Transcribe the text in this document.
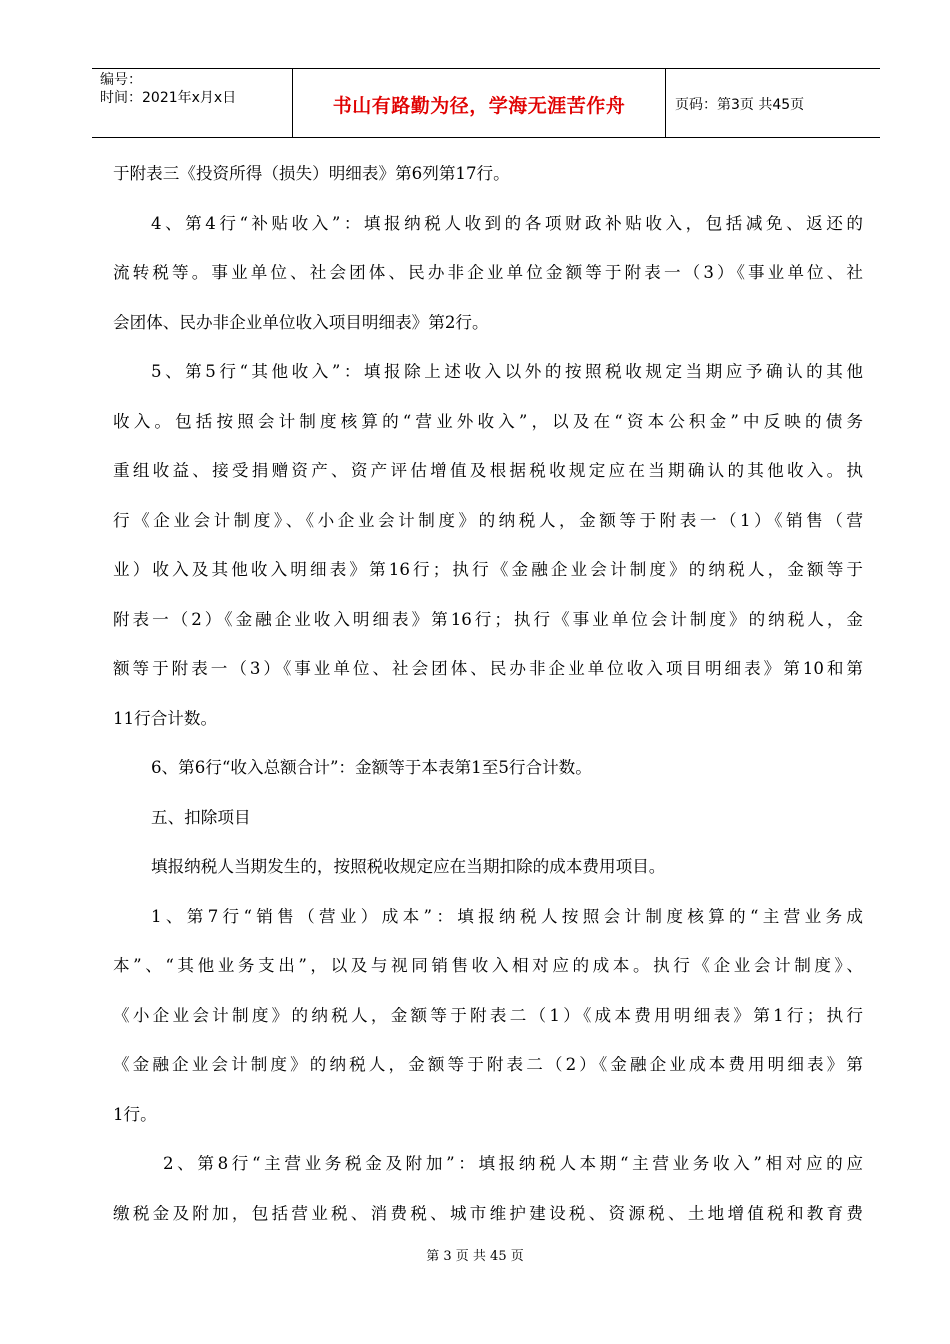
编号：
时间：2021年x月x日	书山有路勤为径，学海无涯苦作舟	页码：第3页 共45页
于附表三《投资所得（损失）明细表》第6列第17行。
4、第4行“补贴收入”：填报纳税人收到的各项财政补贴收入，包括减免、返还的
流转税等。事业单位、社会团体、民办非企业单位金额等于附表一（3）《事业单位、社
会团体、民办非企业单位收入项目明细表》第2行。
5、第5行“其他收入”：填报除上述收入以外的按照税收规定当期应予确认的其他
收入。包括按照会计制度核算的“营业外收入”，以及在“资本公积金”中反映的债务
重组收益、接受捐赠资产、资产评估增值及根据税收规定应在当期确认的其他收入。执
行《企业会计制度》、《小企业会计制度》的纳税人，金额等于附表一（1）《销售（营
业）收入及其他收入明细表》第16行；执行《金融企业会计制度》的纳税人，金额等于
附表一（2）《金融企业收入明细表》第16行；执行《事业单位会计制度》的纳税人，金
额等于附表一（3）《事业单位、社会团体、民办非企业单位收入项目明细表》第10和第
11行合计数。
6、第6行“收入总额合计”：金额等于本表第1至5行合计数。
五、扣除项目
填报纳税人当期发生的，按照税收规定应在当期扣除的成本费用项目。
1、第7行“销售（营业）成本”：填报纳税人按照会计制度核算的“主营业务成
本”、“其他业务支出”，以及与视同销售收入相对应的成本。执行《企业会计制度》、
《小企业会计制度》的纳税人，金额等于附表二（1）《成本费用明细表》第1行；执行
《金融企业会计制度》的纳税人，金额等于附表二（2）《金融企业成本费用明细表》第
1行。
2、第8行“主营业务税金及附加”：填报纳税人本期“主营业务收入”相对应的应
缴税金及附加，包括营业税、消费税、城市维护建设税、资源税、土地增值税和教育费
第 3 页 共 45 页
